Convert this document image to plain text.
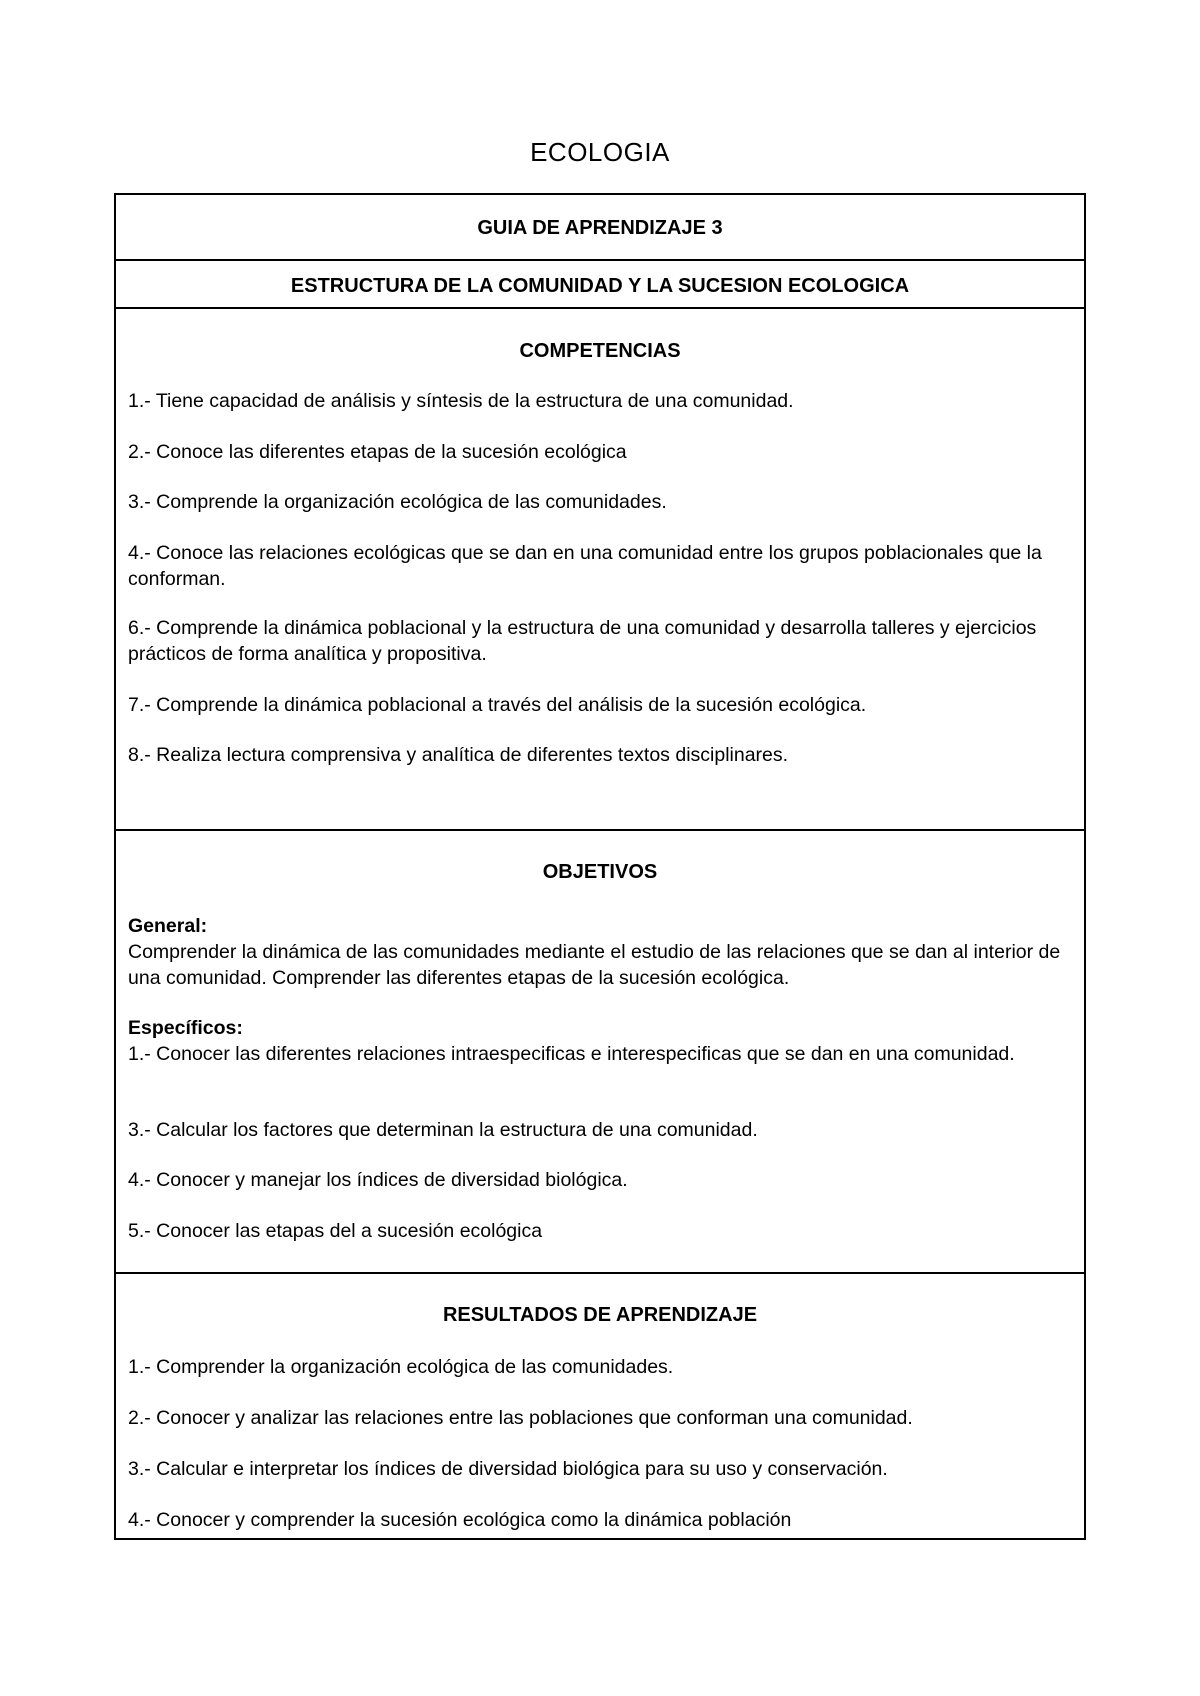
ECOLOGIA
GUIA DE APRENDIZAJE 3
ESTRUCTURA DE LA COMUNIDAD Y LA SUCESION ECOLOGICA
COMPETENCIAS
1.- Tiene capacidad de análisis y síntesis de la estructura de una comunidad.
2.- Conoce las diferentes etapas de la sucesión ecológica
3.- Comprende la organización ecológica de las comunidades.
4.- Conoce las relaciones ecológicas que se dan en una comunidad entre los grupos poblacionales que la conforman.
6.- Comprende la dinámica poblacional y la estructura de una comunidad y desarrolla talleres y ejercicios prácticos de forma analítica y propositiva.
7.- Comprende la dinámica poblacional a través del análisis de la sucesión ecológica.
8.- Realiza lectura comprensiva y analítica de diferentes textos disciplinares.
OBJETIVOS
General:
Comprender la dinámica de las comunidades mediante el estudio de las relaciones que se dan al interior de una comunidad. Comprender las diferentes etapas de la sucesión ecológica.
Específicos:
1.- Conocer las diferentes relaciones intraespecificas e interespecificas que se dan en una comunidad.
3.- Calcular los factores que determinan la estructura de una comunidad.
4.- Conocer y manejar los índices de diversidad biológica.
5.- Conocer las etapas del a sucesión ecológica
RESULTADOS DE APRENDIZAJE
1.- Comprender la organización ecológica de las comunidades.
2.- Conocer y analizar las relaciones entre las poblaciones que conforman una comunidad.
3.- Calcular e interpretar los índices de diversidad biológica para su uso y conservación.
4.- Conocer y comprender la sucesión ecológica como la dinámica población
